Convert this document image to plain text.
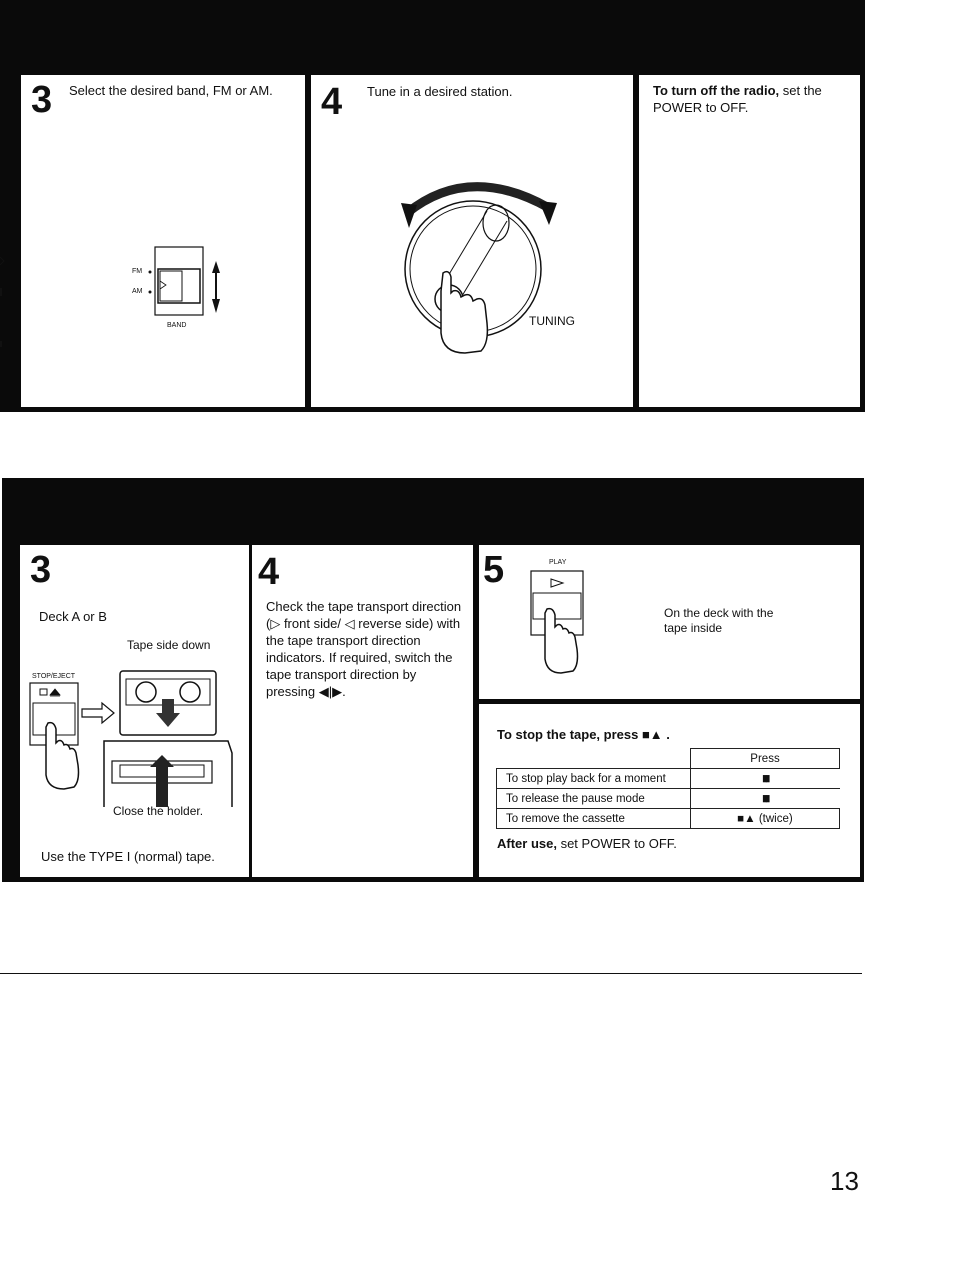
3 Select the desired band, FM or AM.
FM
AM
BAND
4 Tune in a desired station.
TUNING
To turn off the radio, set the POWER to OFF.
3
Deck A or B
Tape side down
STOP/EJECT
Close the holder.
Use the TYPE I (normal) tape.
4
Check the tape transport direction (▷ front side/ ◁ reverse side) with the tape transport direction indicators. If required, switch the tape transport direction by pressing ◀|▶.
5	PLAY
On the deck with the tape inside
To stop the tape, press ■▲ .
	Press
To stop play back for a moment	▮▮
To release the pause mode	▮▮
To remove the cassette	■▲ (twice)
After use, set POWER to OFF.
13
